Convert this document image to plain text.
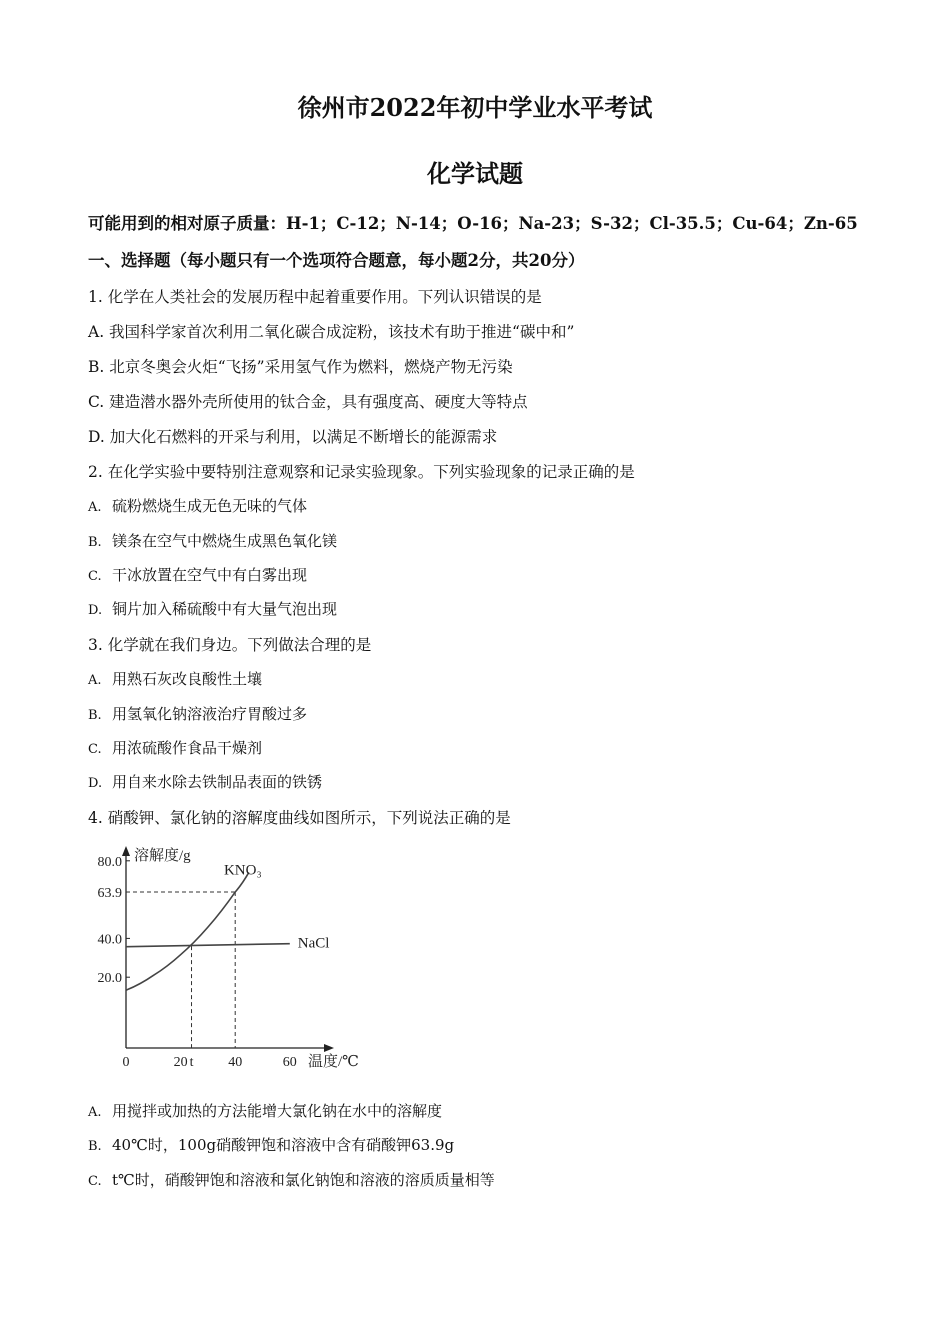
徐州市2022年初中学业水平考试
化学试题
可能用到的相对原子质量：H-1；C-12；N-14；O-16；Na-23；S-32；Cl-35.5；Cu-64；Zn-65
一、选择题（每小题只有一个选项符合题意，每小题2分，共20分）
1. 化学在人类社会的发展历程中起着重要作用。下列认识错误的是
A. 我国科学家首次利用二氧化碳合成淀粉，该技术有助于推进“碳中和”
B. 北京冬奥会火炬“飞扬”采用氢气作为燃料，燃烧产物无污染
C. 建造潜水器外壳所使用的钛合金，具有强度高、硬度大等特点
D. 加大化石燃料的开采与利用，以满足不断增长的能源需求
2. 在化学实验中要特别注意观察和记录实验现象。下列实验现象的记录正确的是
A. 硫粉燃烧生成无色无味的气体
B. 镁条在空气中燃烧生成黑色氧化镁
C. 干冰放置在空气中有白雾出现
D. 铜片加入稀硫酸中有大量气泡出现
3. 化学就在我们身边。下列做法合理的是
A. 用熟石灰改良酸性土壤
B. 用氢氧化钠溶液治疗胃酸过多
C. 用浓硫酸作食品干燥剂
D. 用自来水除去铁制品表面的铁锈
4. 硝酸钾、氯化钠的溶解度曲线如图所示，下列说法正确的是
溶解度/g
温度/℃
80.0
63.9
40.0
20.0
0	20 t 40	60
KNO₃
NaCl
A. 用搅拌或加热的方法能增大氯化钠在水中的溶解度
B. 40℃时，100g硝酸钾饱和溶液中含有硝酸钾63.9g
C. t℃时，硝酸钾饱和溶液和氯化钠饱和溶液的溶质质量相等
